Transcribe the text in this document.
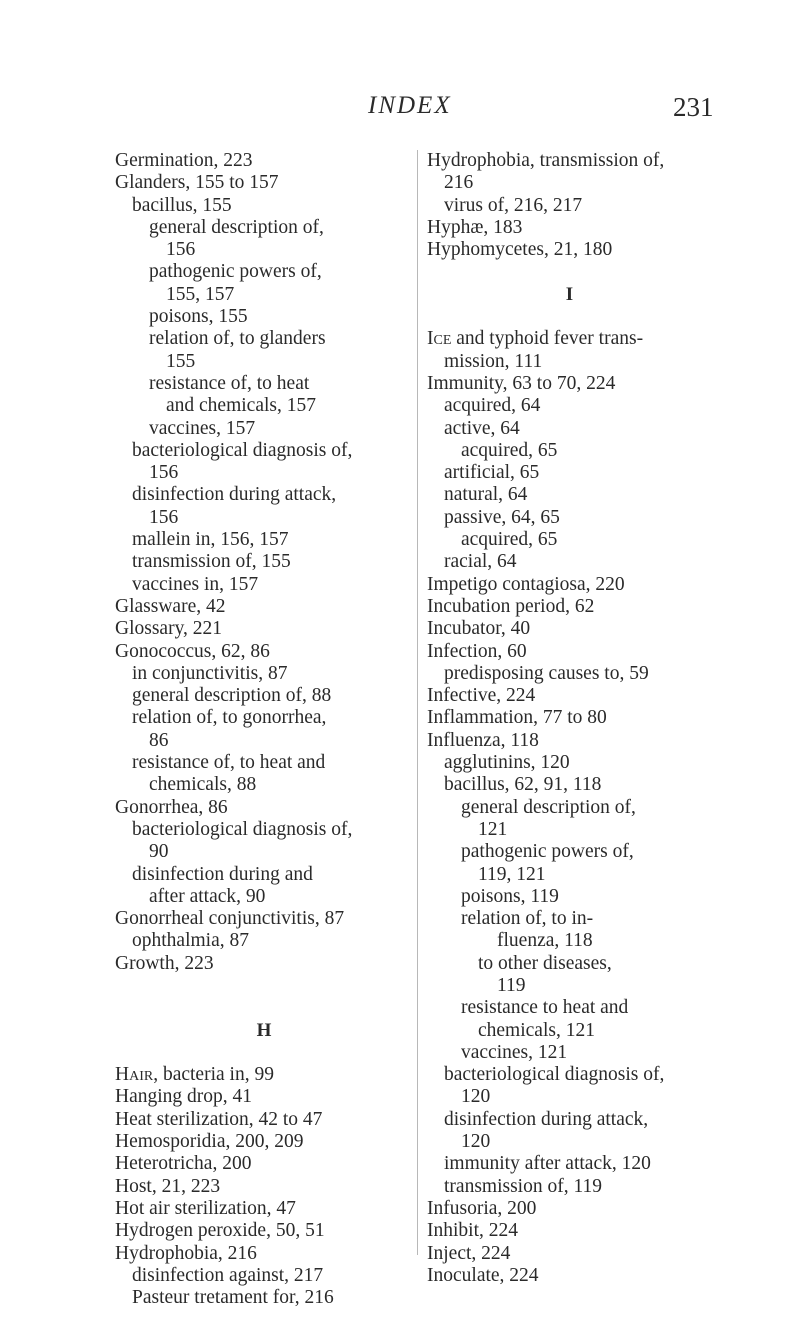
INDEX	231
Germination, 223
Glanders, 155 to 157
bacillus, 155
general description of,
156
pathogenic powers of,
155, 157
poisons, 155
relation of, to glanders
155
resistance of, to heat
and chemicals, 157
vaccines, 157
bacteriological diagnosis of,
156
disinfection during attack,
156
mallein in, 156, 157
transmission of, 155
vaccines in, 157
Glassware, 42
Glossary, 221
Gonococcus, 62, 86
in conjunctivitis, 87
general description of, 88
relation of, to gonorrhea,
86
resistance of, to heat and
chemicals, 88
Gonorrhea, 86
bacteriological diagnosis of,
90
disinfection during and
after attack, 90
Gonorrheal conjunctivitis, 87
ophthalmia, 87
Growth, 223
H
Hair, bacteria in, 99
Hanging drop, 41
Heat sterilization, 42 to 47
Hemosporidia, 200, 209
Heterotricha, 200
Host, 21, 223
Hot air sterilization, 47
Hydrogen peroxide, 50, 51
Hydrophobia, 216
disinfection against, 217
Pasteur tretament for, 216
Hydrophobia, transmission of,
216
virus of, 216, 217
Hyphæ, 183
Hyphomycetes, 21, 180
I
Ice and typhoid fever trans-
mission, 111
Immunity, 63 to 70, 224
acquired, 64
active, 64
acquired, 65
artificial, 65
natural, 64
passive, 64, 65
acquired, 65
racial, 64
Impetigo contagiosa, 220
Incubation period, 62
Incubator, 40
Infection, 60
predisposing causes to, 59
Infective, 224
Inflammation, 77 to 80
Influenza, 118
agglutinins, 120
bacillus, 62, 91, 118
general description of,
121
pathogenic powers of,
119, 121
poisons, 119
relation of, to in-
fluenza, 118
to other diseases,
119
resistance to heat and
chemicals, 121
vaccines, 121
bacteriological diagnosis of,
120
disinfection during attack,
120
immunity after attack, 120
transmission of, 119
Infusoria, 200
Inhibit, 224
Inject, 224
Inoculate, 224
